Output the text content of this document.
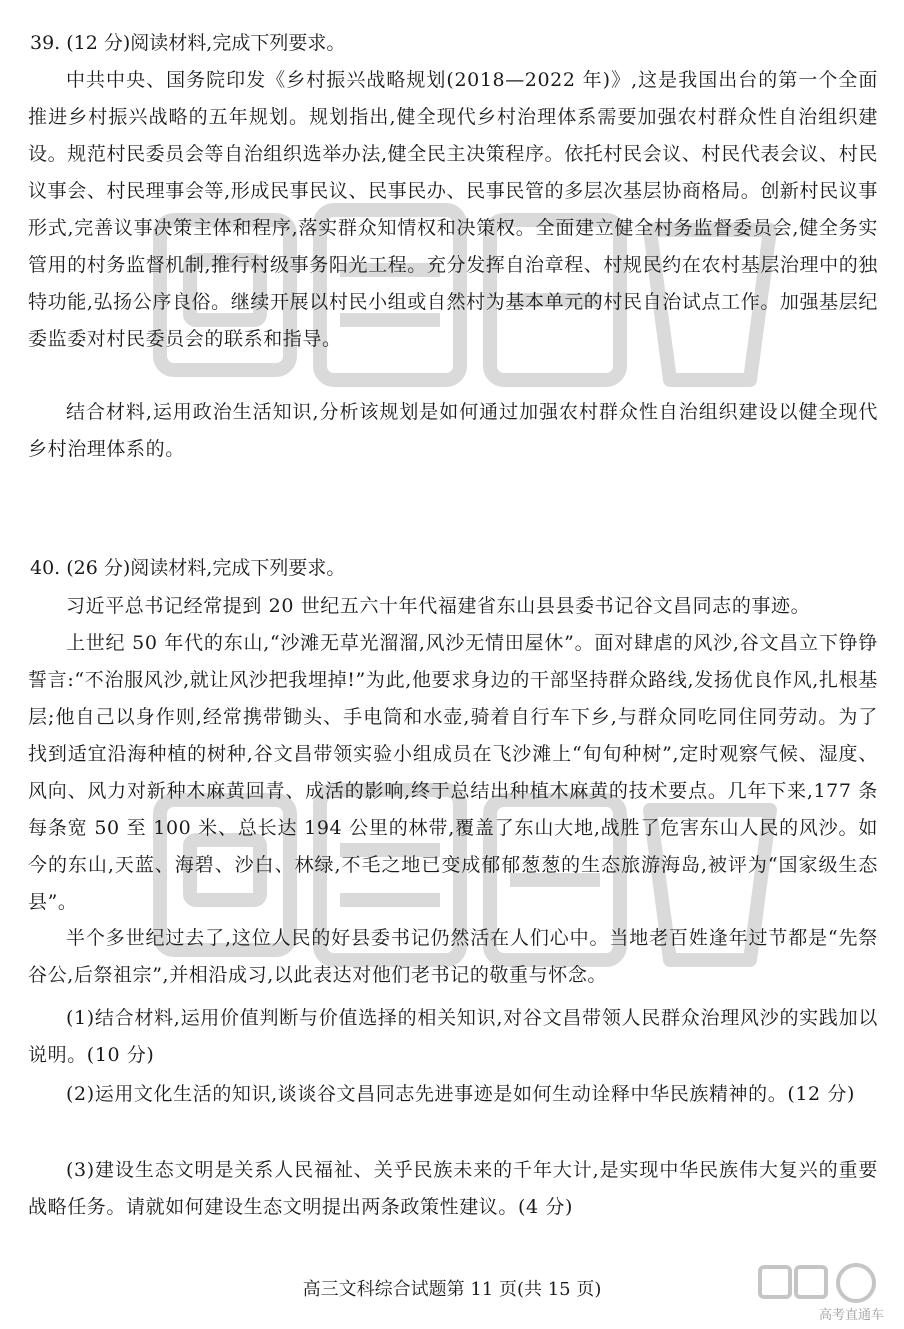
39. (12 分)阅读材料,完成下列要求。
中共中央、国务院印发《乡村振兴战略规划(2018—2022 年)》,这是我国出台的第一个全面推进乡村振兴战略的五年规划。规划指出,健全现代乡村治理体系需要加强农村群众性自治组织建设。规范村民委员会等自治组织选举办法,健全民主决策程序。依托村民会议、村民代表会议、村民议事会、村民理事会等,形成民事民议、民事民办、民事民管的多层次基层协商格局。创新村民议事形式,完善议事决策主体和程序,落实群众知情权和决策权。全面建立健全村务监督委员会,健全务实管用的村务监督机制,推行村级事务阳光工程。充分发挥自治章程、村规民约在农村基层治理中的独特功能,弘扬公序良俗。继续开展以村民小组或自然村为基本单元的村民自治试点工作。加强基层纪委监委对村民委员会的联系和指导。
结合材料,运用政治生活知识,分析该规划是如何通过加强农村群众性自治组织建设以健全现代乡村治理体系的。
40. (26 分)阅读材料,完成下列要求。
习近平总书记经常提到 20 世纪五六十年代福建省东山县县委书记谷文昌同志的事迹。
上世纪 50 年代的东山,“沙滩无草光溜溜,风沙无情田屋休”。面对肆虐的风沙,谷文昌立下铮铮誓言:“不治服风沙,就让风沙把我埋掉!”为此,他要求身边的干部坚持群众路线,发扬优良作风,扎根基层;他自己以身作则,经常携带锄头、手电筒和水壶,骑着自行车下乡,与群众同吃同住同劳动。为了找到适宜沿海种植的树种,谷文昌带领实验小组成员在飞沙滩上“旬旬种树”,定时观察气候、湿度、风向、风力对新种木麻黄回青、成活的影响,终于总结出种植木麻黄的技术要点。几年下来,177 条每条宽 50 至 100 米、总长达 194 公里的林带,覆盖了东山大地,战胜了危害东山人民的风沙。如今的东山,天蓝、海碧、沙白、林绿,不毛之地已变成郁郁葱葱的生态旅游海岛,被评为“国家级生态县”。
半个多世纪过去了,这位人民的好县委书记仍然活在人们心中。当地老百姓逢年过节都是“先祭谷公,后祭祖宗”,并相沿成习,以此表达对他们老书记的敬重与怀念。
(1)结合材料,运用价值判断与价值选择的相关知识,对谷文昌带领人民群众治理风沙的实践加以说明。(10 分)
(2)运用文化生活的知识,谈谈谷文昌同志先进事迹是如何生动诠释中华民族精神的。(12 分)
(3)建设生态文明是关系人民福祉、关乎民族未来的千年大计,是实现中华民族伟大复兴的重要战略任务。请就如何建设生态文明提出两条政策性建议。(4 分)
高三文科综合试题第 11 页(共 15 页)
高考直通车
